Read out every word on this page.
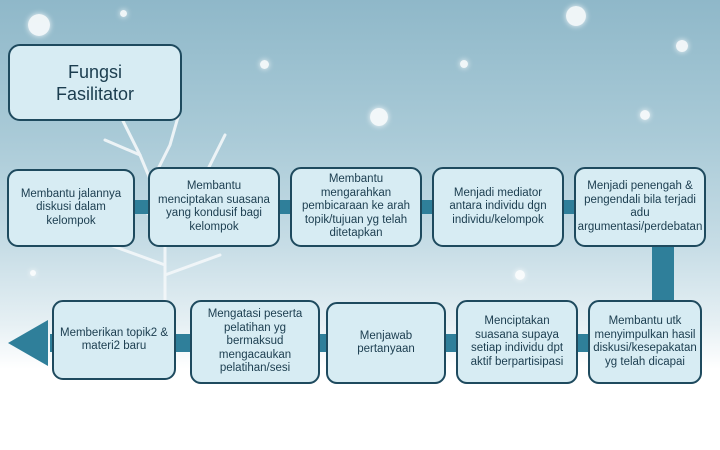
Fungsi
Fasilitator
Membantu jalannya diskusi dalam kelompok
Membantu menciptakan suasana yang kondusif bagi kelompok
Membantu mengarahkan pembicaraan ke arah topik/tujuan yg telah ditetapkan
Menjadi mediator antara individu dgn individu/kelompok
Menjadi penengah & pengendali bila terjadi adu argumentasi/perdebatan
Memberikan topik2 & materi2 baru
Mengatasi peserta pelatihan yg bermaksud mengacaukan pelatihan/sesi
Menjawab pertanyaan
Menciptakan suasana supaya setiap individu dpt aktif berpartisipasi
Membantu utk menyimpulkan hasil diskusi/kesepakatan yg telah dicapai
